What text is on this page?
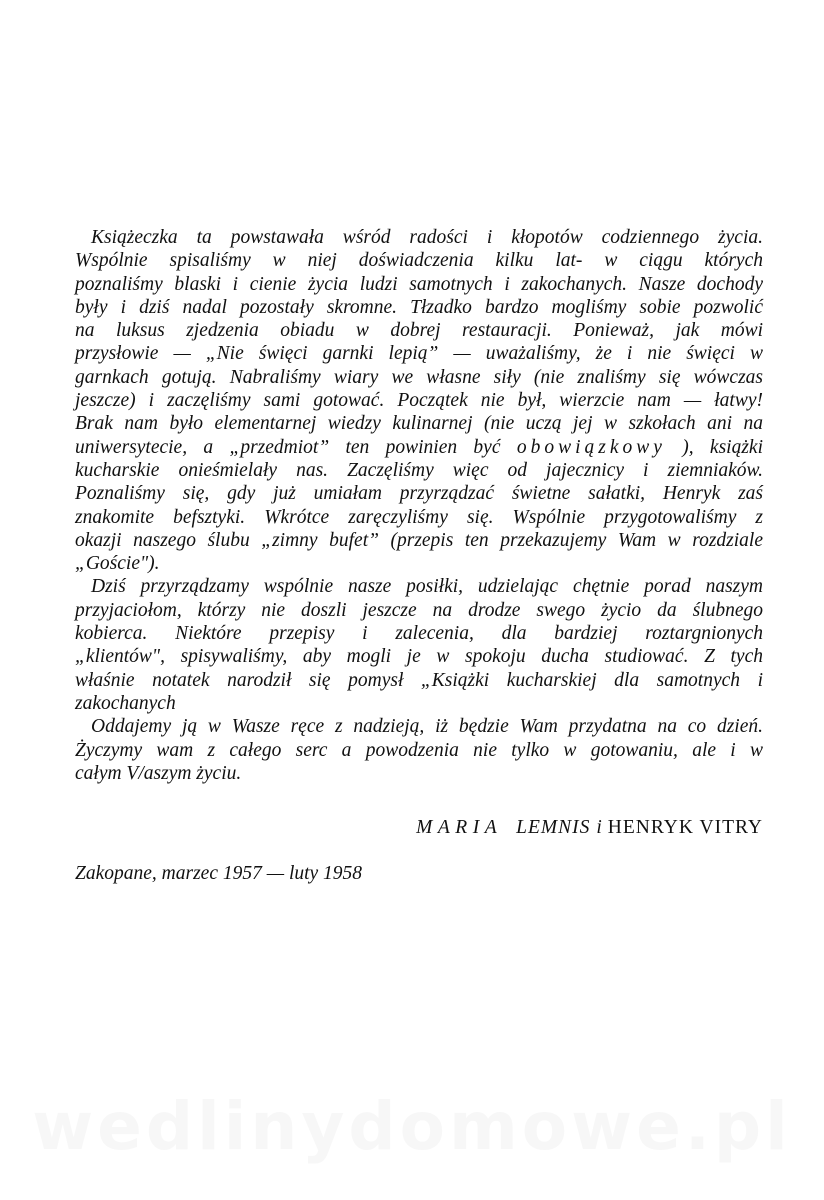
Książeczka ta powstawała wśród radości i kłopotów codziennego życia.
Wspólnie spisaliśmy w niej doświadczenia kilku lat- w ciągu których
poznaliśmy blaski i cienie życia ludzi samotnych i zakochanych. Nasze dochody
były i dziś nadal pozostały skromne. Tłzadko bardzo mogliśmy sobie pozwolić
na luksus zjedzenia obiadu w dobrej restauracji. Ponieważ, jak mówi
przysłowie — „Nie święci garnki lepią” — uważaliśmy, że i nie święci w
garnkach gotują. Nabraliśmy wiary we własne siły (nie znaliśmy się wówczas
jeszcze) i zaczęliśmy sami gotować. Początek nie był, wierzcie nam — łatwy!
Brak nam było elementarnej wiedzy kulinarnej (nie uczą jej w szkołach ani na
uniwersytecie, a „przedmiot” ten powinien być obowiązkowy ), książki
kucharskie onieśmielały nas. Zaczęliśmy więc od jajecznicy i ziemniaków.
Poznaliśmy się, gdy już umiałam przyrządzać świetne sałatki, Henryk zaś
znakomite befsztyki. Wkrótce zaręczyliśmy się. Wspólnie przygotowaliśmy z
okazji naszego ślubu „zimny bufet” (przepis ten przekazujemy Wam w rozdziale
„Goście").
Dziś przyrządzamy wspólnie nasze posiłki, udzielając chętnie porad naszym
przyjaciołom, którzy nie doszli jeszcze na drodze swego życio da ślubnego
kobierca. Niektóre przepisy i zalecenia, dla bardziej roztargnionych
„klientów", spisywaliśmy, aby mogli je w spokoju ducha studiować. Z tych
właśnie notatek narodził się pomysł „Książki kucharskiej dla samotnych i
zakochanych
Oddajemy ją w Wasze ręce z nadzieją, iż będzie Wam przydatna na co dzień.
Życzymy wam z całego serc a powodzenia nie tylko w gotowaniu, ale i w
całym V/aszym życiu.
MARIA LEMNIS i HENRYK VITRY
Zakopane, marzec 1957 — luty 1958
wedlinydomowe.pl
